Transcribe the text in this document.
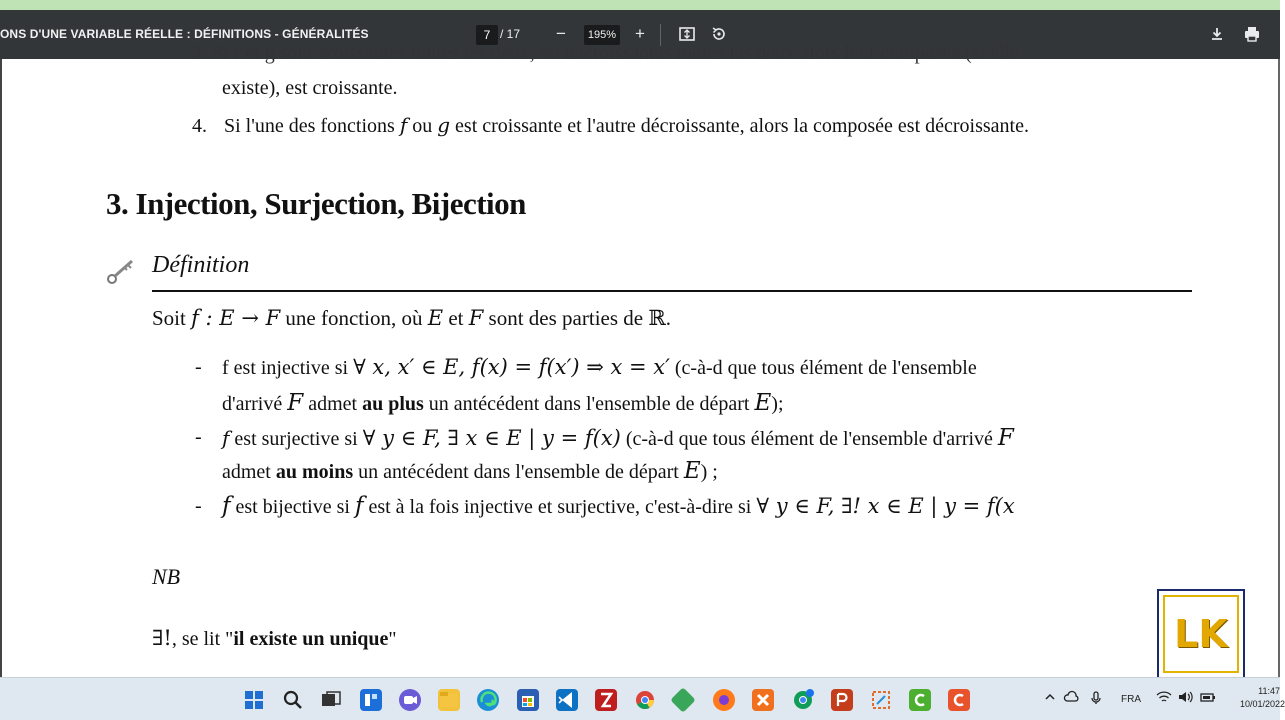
ONS D'UNE VARIABLE RÉELLE : DÉFINITIONS - GÉNÉRALITÉS	7 / 17 −	195% +
3. Si f et g sont croissantes toutes les deux, ou décroissantes toutes les deux alors leur composée (si elle
existe), est croissante.
4. Si l'une des fonctions f ou g est croissante et l'autre décroissante, alors la composée est décroissante.
3. Injection, Surjection, Bijection
Définition
Soit f : E → F une fonction, où E et F sont des parties de ℝ.
- f est injective si ∀ x, x′ ∈ E, f(x) = f(x′) ⇒ x = x′ (c-à-d que tous élément de l'ensemble
d'arrivé F admet au plus un antécédent dans l'ensemble de départ E);
- f est surjective si ∀ y ∈ F, ∃ x ∈ E | y = f(x) (c-à-d que tous élément de l'ensemble d'arrivé F
admet au moins un antécédent dans l'ensemble de départ E) ;
- f est bijective si f est à la fois injective et surjective, c'est-à-dire si ∀ y ∈ F, ∃! x ∈ E | y = f(x
NB
∃!, se lit "il existe un unique"	LK
FRA
11:47
10/01/2022
